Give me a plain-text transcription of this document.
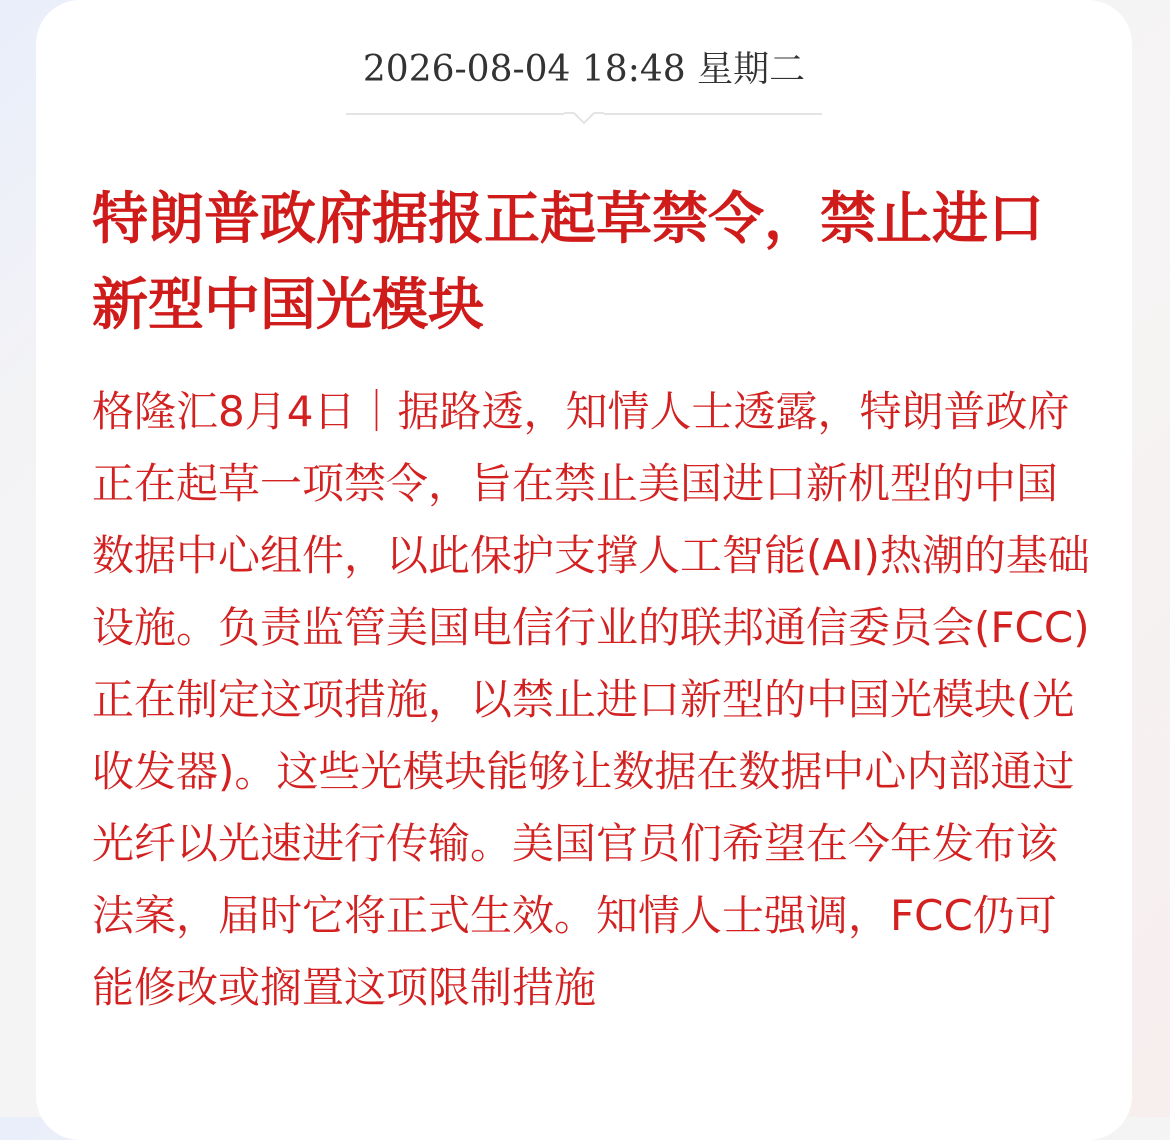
2026-08-04 18:48 星期二
特朗普政府据报正起草禁令，禁止进口新型中国光模块

格隆汇8月4日｜据路透，知情人士透露，特朗普政府正在起草一项禁令，旨在禁止美国进口新机型的中国数据中心组件，以此保护支撑人工智能(AI)热潮的基础设施。负责监管美国电信行业的联邦通信委员会(FCC)正在制定这项措施，以禁止进口新型的中国光模块(光收发器)。这些光模块能够让数据在数据中心内部通过光纤以光速进行传输。美国官员们希望在今年发布该法案，届时它将正式生效。知情人士强调，FCC仍可能修改或搁置这项限制措施
